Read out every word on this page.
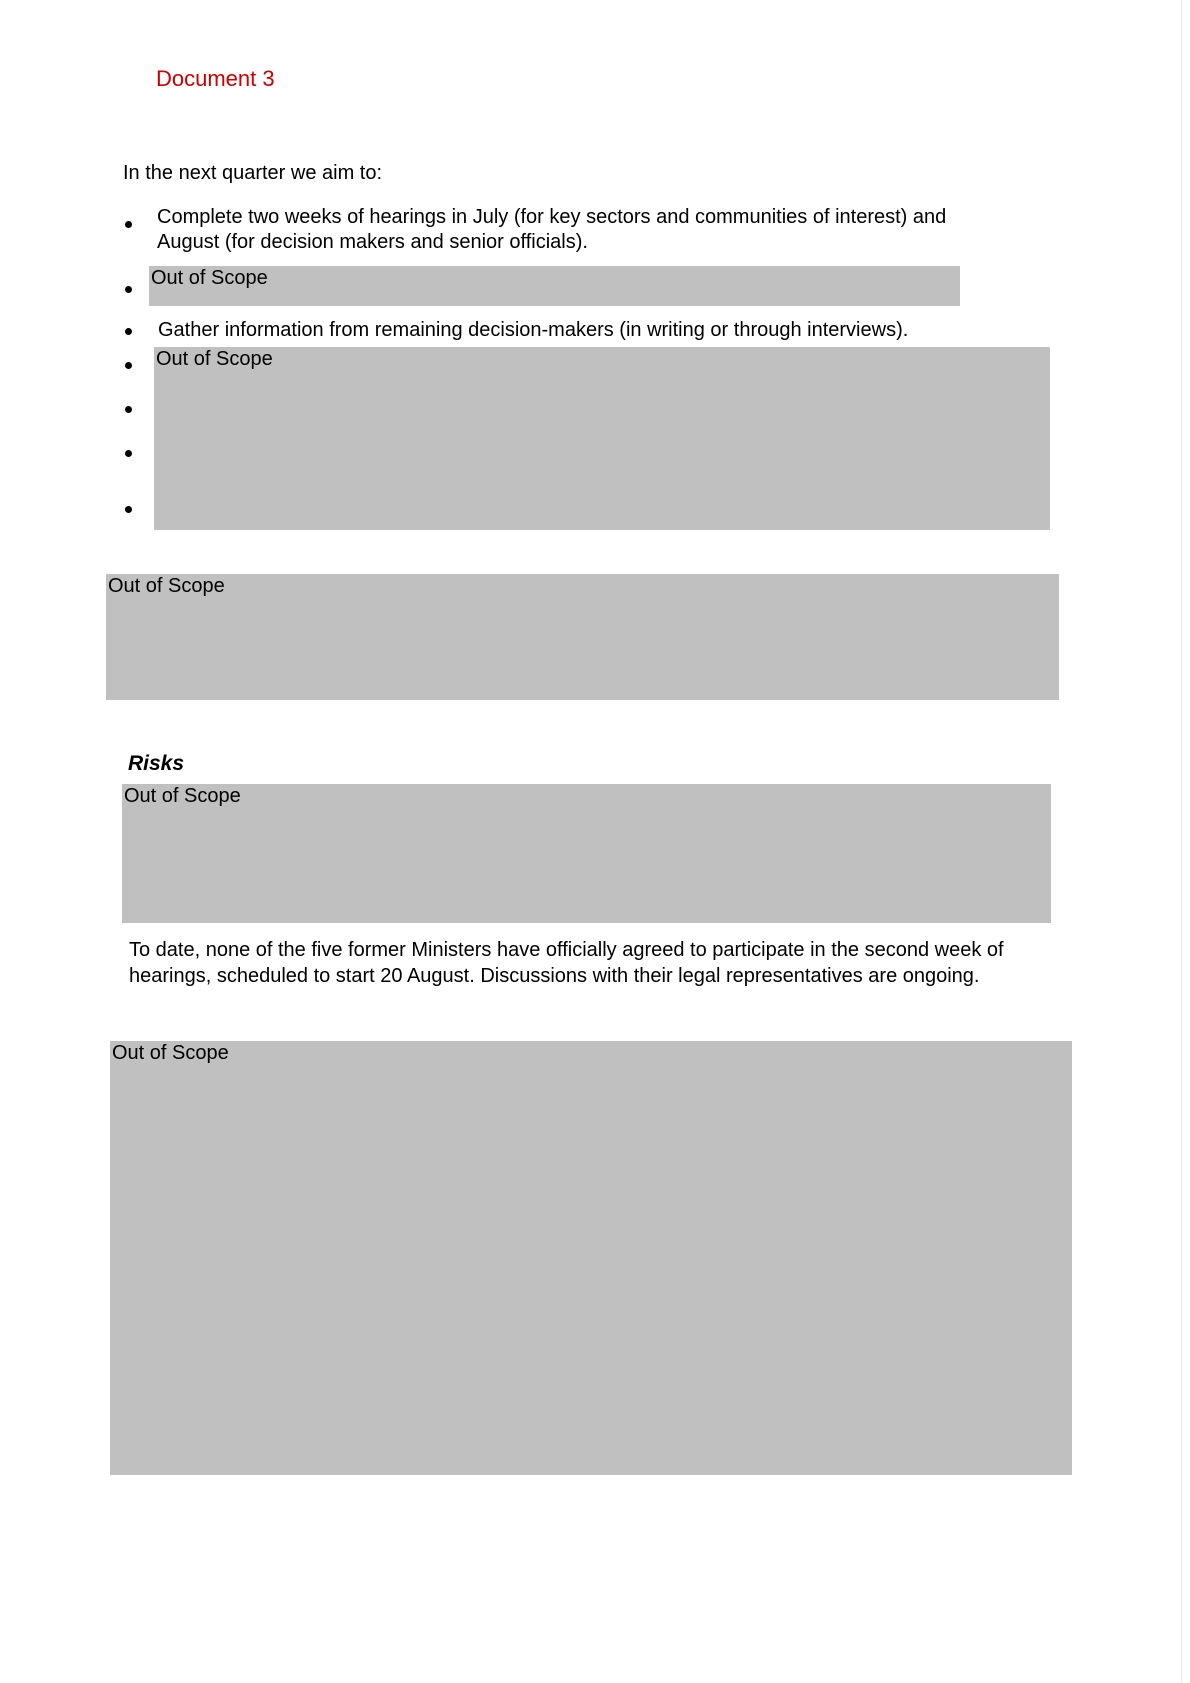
Document 3
In the next quarter we aim to:
Complete two weeks of hearings in July (for key sectors and communities of interest) and
August (for decision makers and senior officials).
Out of Scope
Gather information from remaining decision-makers (in writing or through interviews).
Out of Scope
Out of Scope
Risks
Out of Scope
To date, none of the five former Ministers have officially agreed to participate in the second week of
hearings, scheduled to start 20 August. Discussions with their legal representatives are ongoing.
Out of Scope
